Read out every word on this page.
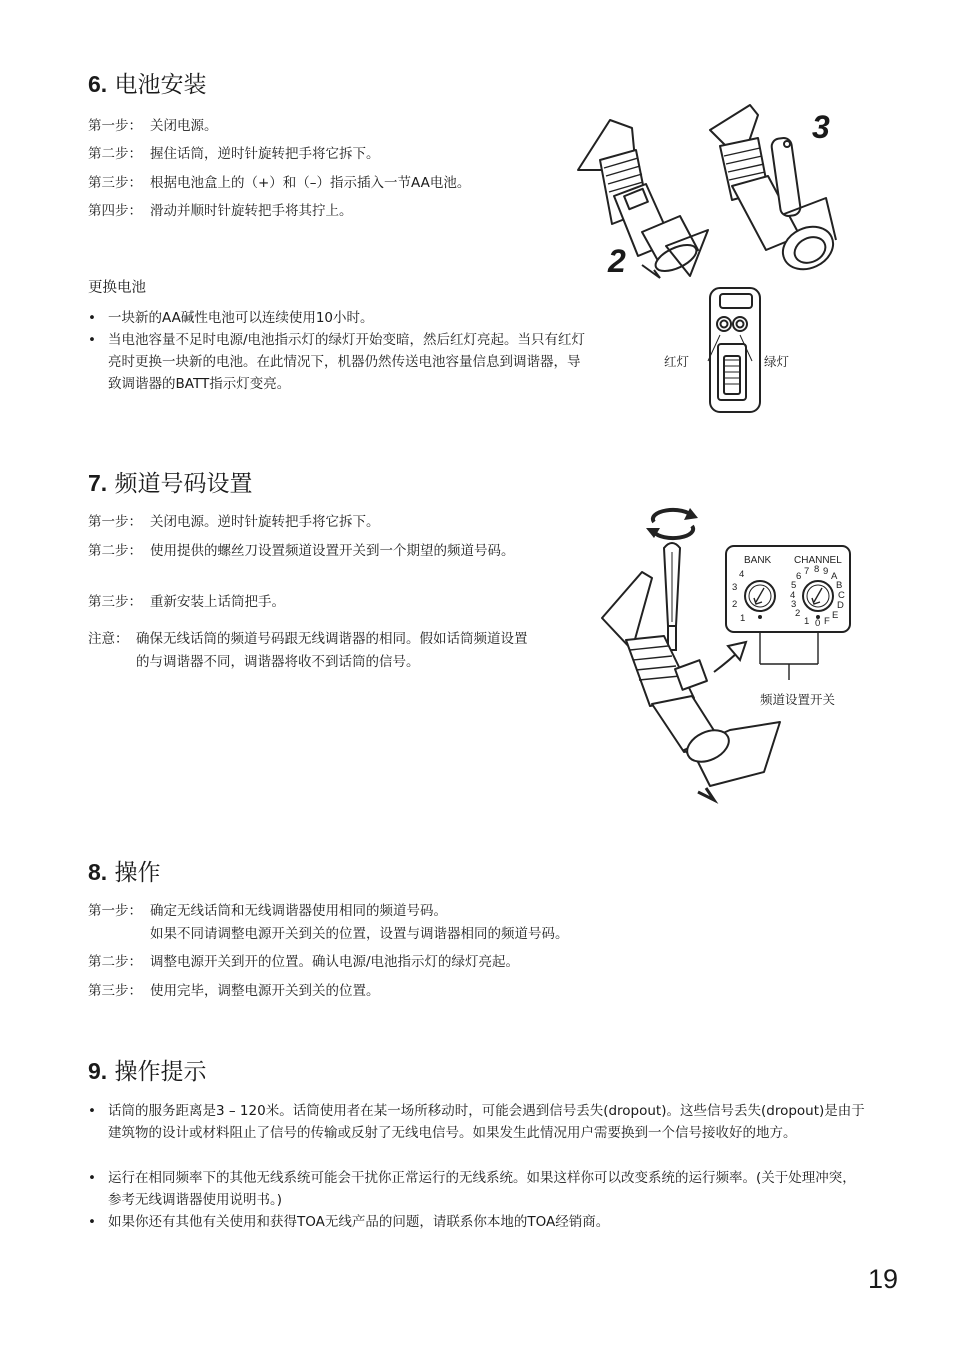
6. 电池安装
第一步： 关闭电源。
第二步： 握住话筒，逆时针旋转把手将它拆下。
第三步： 根据电池盒上的（+）和（–）指示插入一节AA电池。
第四步： 滑动并顺时针旋转把手将其拧上。
更换电池
• 一块新的AA碱性电池可以连续使用10小时。
• 当电池容量不足时电源/电池指示灯的绿灯开始变暗，然后红灯亮起。当只有红灯亮时更换一块新的电池。在此情况下，机器仍然传送电池容量信息到调谐器，导致调谐器的BATT指示灯变亮。
2
3
红灯	绿灯
7. 频道号码设置
第一步： 关闭电源。逆时针旋转把手将它拆下。
第二步： 使用提供的螺丝刀设置频道设置开关到一个期望的频道号码。
第三步： 重新安装上话筒把手。
注意： 确保无线话筒的频道号码跟无线调谐器的相同。假如话筒频道设置的与调谐器不同，调谐器将收不到话筒的信号。
BANK CHANNEL
1
2
3
4
0
1
2
3
4
5
6 7 8 9 A
B
C
D
E
F
频道设置开关
8. 操作
第一步： 确定无线话筒和无线调谐器使用相同的频道号码。
如果不同请调整电源开关到关的位置，设置与调谐器相同的频道号码。
第二步： 调整电源开关到开的位置。确认电源/电池指示灯的绿灯亮起。
第三步： 使用完毕，调整电源开关到关的位置。
9. 操作提示
• 话筒的服务距离是3 – 120米。话筒使用者在某一场所移动时，可能会遇到信号丢失(dropout)。这些信号丢失(dropout)是由于建筑物的设计或材料阻止了信号的传输或反射了无线电信号。如果发生此情况用户需要换到一个信号接收好的地方。
• 运行在相同频率下的其他无线系统可能会干扰你正常运行的无线系统。如果这样你可以改变系统的运行频率。(关于处理冲突，参考无线调谐器使用说明书。)
• 如果你还有其他有关使用和获得TOA无线产品的问题，请联系你本地的TOA经销商。
19
